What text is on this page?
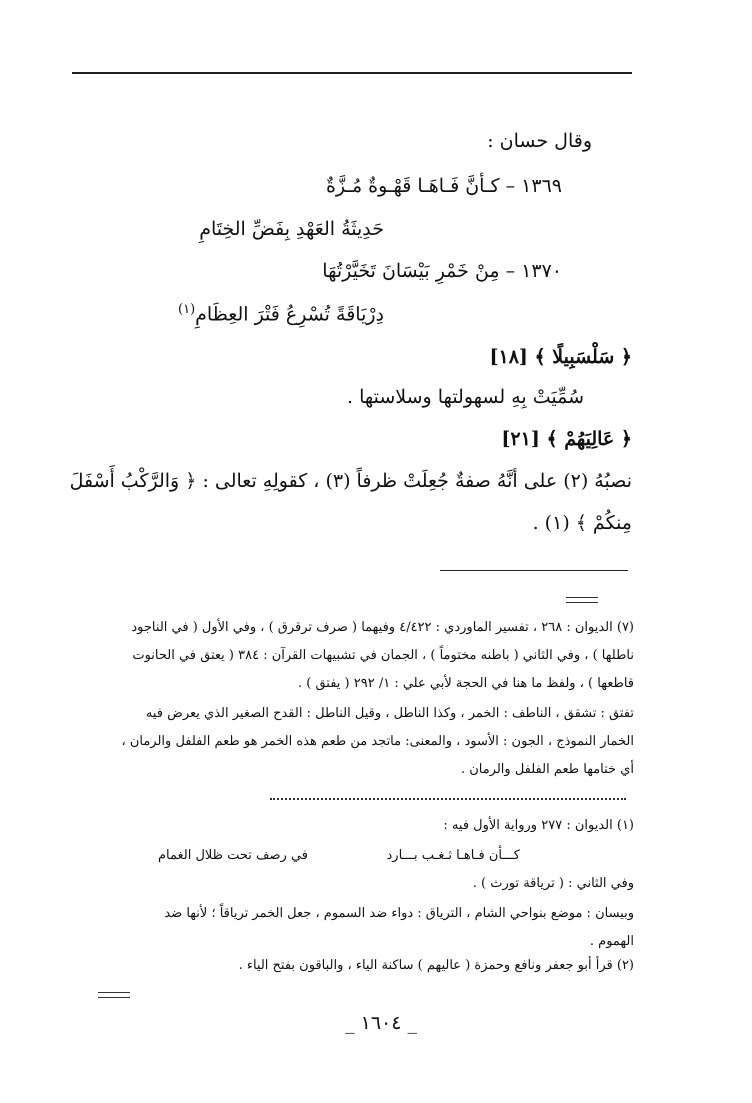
وقال حسان :
١٣٦٩ – كـأنَّ فَـاهَـا قَهْـوةٌ مُـزَّةٌ
حَدِيثَةُ العَهْدِ بِفَضِّ الخِتَامِ
١٣٧٠ – مِنْ خَمْرِ بَيْسَانَ تَخَيَّرْتُهَا
دِرْيَاقَةً تُسْرِعُ فَتْرَ العِظَامِ$^{(١)}$
﴿ سَلْسَبِيلًا ﴾ [١٨]
سُمِّيَتْ بِهِ لسهولتها وسلاستها .
﴿ عَالِيَهُمْ ﴾ [٢١]
نصبُهُ (٢) على أنَّهُ صفةٌ جُعِلَتْ ظرفاً (٣) ، كقولِهِ تعالى : ﴿ وَالرَّكْبُ أَسْفَلَ
مِنكُمْ ﴾ (١) .
(٧) الديوان : ٢٦٨ ، تفسير الماوردي : ٤/٤٢٢ وفيهما ( صرف ترقرق ) ، وفي الأول ( في الناجود
ناطلها ) ، وفي الثاني ( باطنه مختوماً ) ، الجمان في تشبيهات القرآن : ٣٨٤ ( يعتق في الحانوت
قاطعها ) ، ولفظ ما هنا في الحجة لأبي علي : ١/ ٢٩٢ ( يفتق ) .
تفتق : تشقق ، الناطف : الخمر ، وكذا الناطل ، وقيل الناطل : القدح الصغير الذي يعرض فيه
الخمار النموذج ، الجون : الأسود ، والمعنى: ماتجد من طعم هذه الخمر هو طعم الفلفل والرمان ،
أي ختامها طعم الفلفل والرمان .
(١) الديوان : ٢٧٧ ورواية الأول فيه :
كـــأن فـاهـا ثـغـب بـــارد
في رصف تحت ظلال الغمام
وفي الثاني : ( ترياقة تورث ) .
وبيسان : موضع بنواحي الشام ، الترياق : دواء ضد السموم ، جعل الخمر ترياقاً ؛ لأنها ضد
الهموم .
(٢) قرأ أبو جعفر ونافع وحمزة ( عاليهم ) ساكنة الياء ، والباقون بفتح الياء .
_ ١٦٠٤ _
